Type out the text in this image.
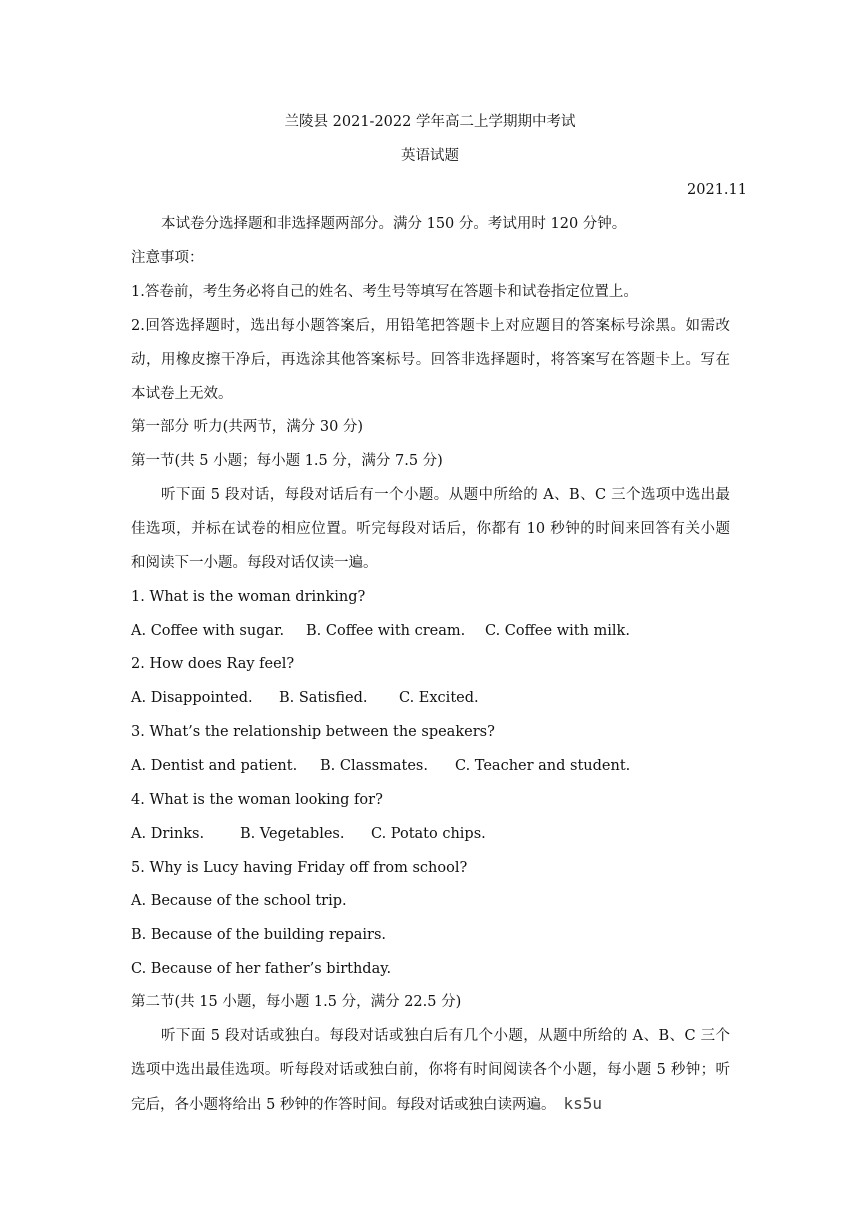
兰陵县 2021-2022 学年高二上学期期中考试
英语试题
2021.11
本试卷分选择题和非选择题两部分。满分 150 分。考试用时 120 分钟。
注意事项：
1.答卷前，考生务必将自己的姓名、考生号等填写在答题卡和试卷指定位置上。
2.回答选择题时，选出每小题答案后，用铅笔把答题卡上对应题目的答案标号涂黑。如需改
动，用橡皮擦干净后，再选涂其他答案标号。回答非选择题时，将答案写在答题卡上。写在
本试卷上无效。
第一部分 听力(共两节，满分 30 分)
第一节(共 5 小题；每小题 1.5 分，满分 7.5 分)
听下面 5 段对话，每段对话后有一个小题。从题中所给的 A、B、C 三个选项中选出最
佳选项，并标在试卷的相应位置。听完每段对话后，你都有 10 秒钟的时间来回答有关小题
和阅读下一小题。每段对话仅读一遍。
1. What is the woman drinking?
A. Coffee with sugar. B. Coffee with cream. C. Coffee with milk.
2. How does Ray feel?
A. Disappointed. B. Satisfied. C. Excited.
3. What’s the relationship between the speakers?
A. Dentist and patient. B. Classmates. C. Teacher and student.
4. What is the woman looking for?
A. Drinks. B. Vegetables. C. Potato chips.
5. Why is Lucy having Friday off from school?
A. Because of the school trip.
B. Because of the building repairs.
C. Because of her father’s birthday.
第二节(共 15 小题，每小题 1.5 分，满分 22.5 分)
听下面 5 段对话或独白。每段对话或独白后有几个小题，从题中所给的 A、B、C 三个
选项中选出最佳选项。听每段对话或独白前，你将有时间阅读各个小题，每小题 5 秒钟；听
完后，各小题将给出 5 秒钟的作答时间。每段对话或独白读两遍。 ks5u
